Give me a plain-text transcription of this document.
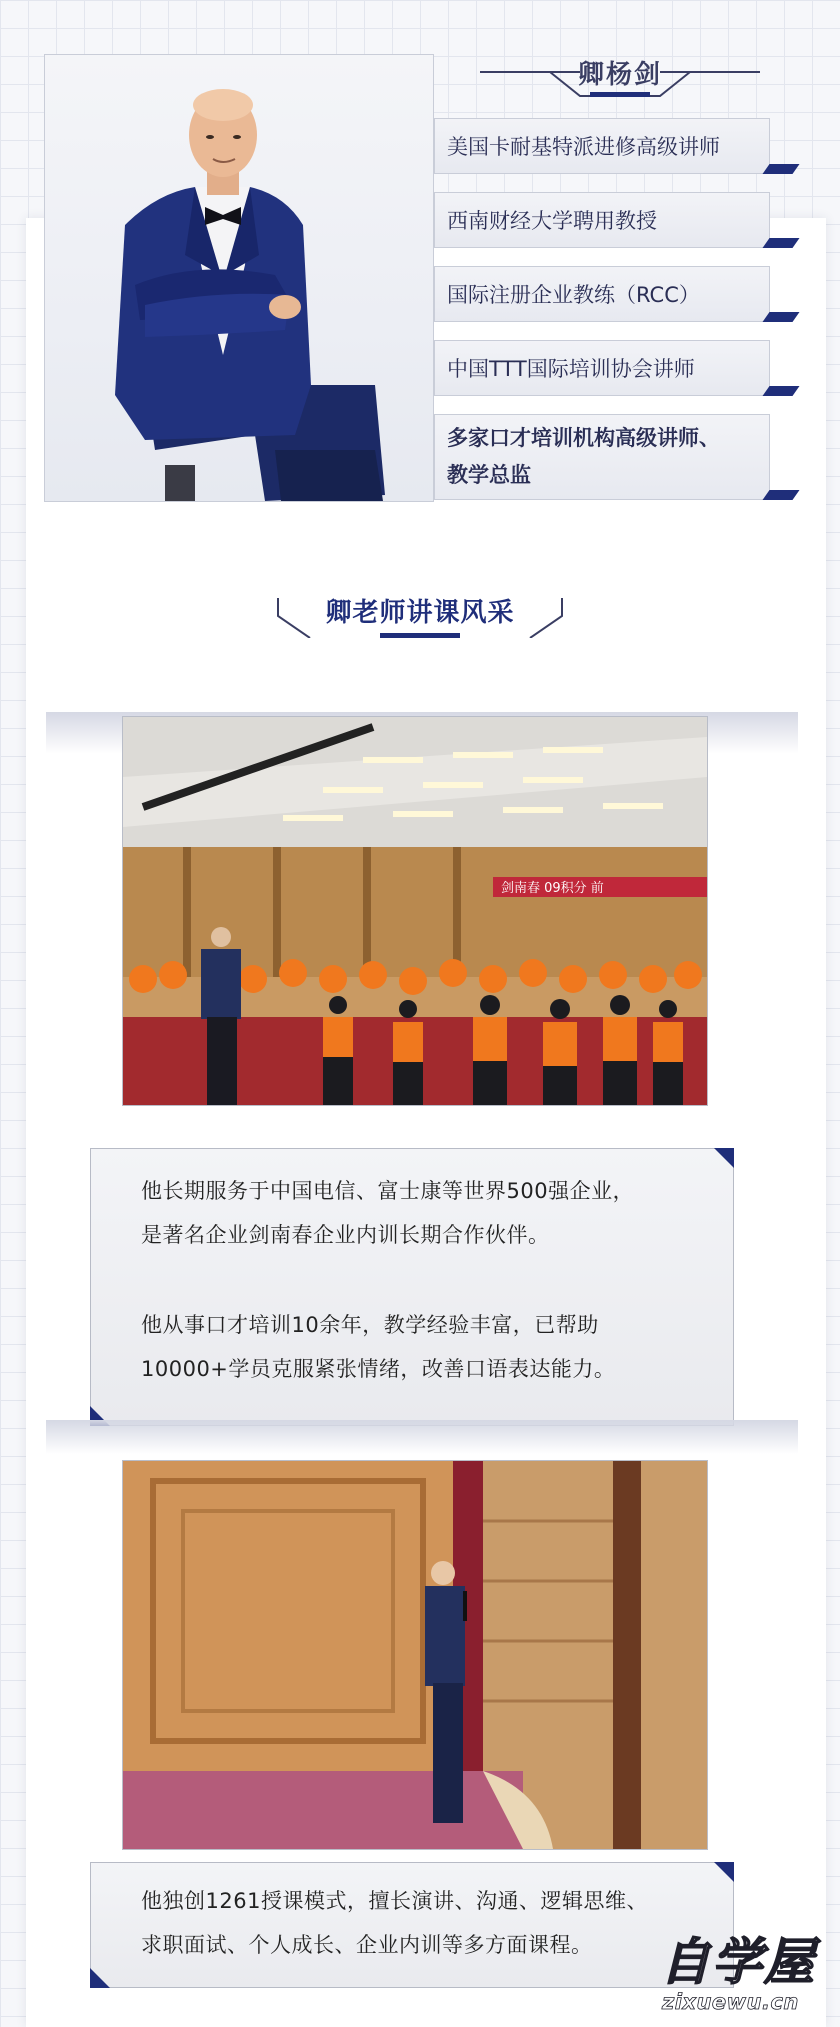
卿杨剑
美国卡耐基特派进修高级讲师
西南财经大学聘用教授
国际注册企业教练（RCC）
中国TTT国际培训协会讲师
多家口才培训机构高级讲师、
教学总监
卿老师讲课风采
剑南春 09积分 前

他长期服务于中国电信、富士康等世界500强企业，

是著名企业剑南春企业内训长期合作伙伴。

他从事口才培训10余年，教学经验丰富，已帮助

10000+学员克服紧张情绪，改善口语表达能力。

他独创1261授课模式，擅长演讲、沟通、逻辑思维、

求职面试、个人成长、企业内训等多方面课程。 自学屋
zixuewu.cn
